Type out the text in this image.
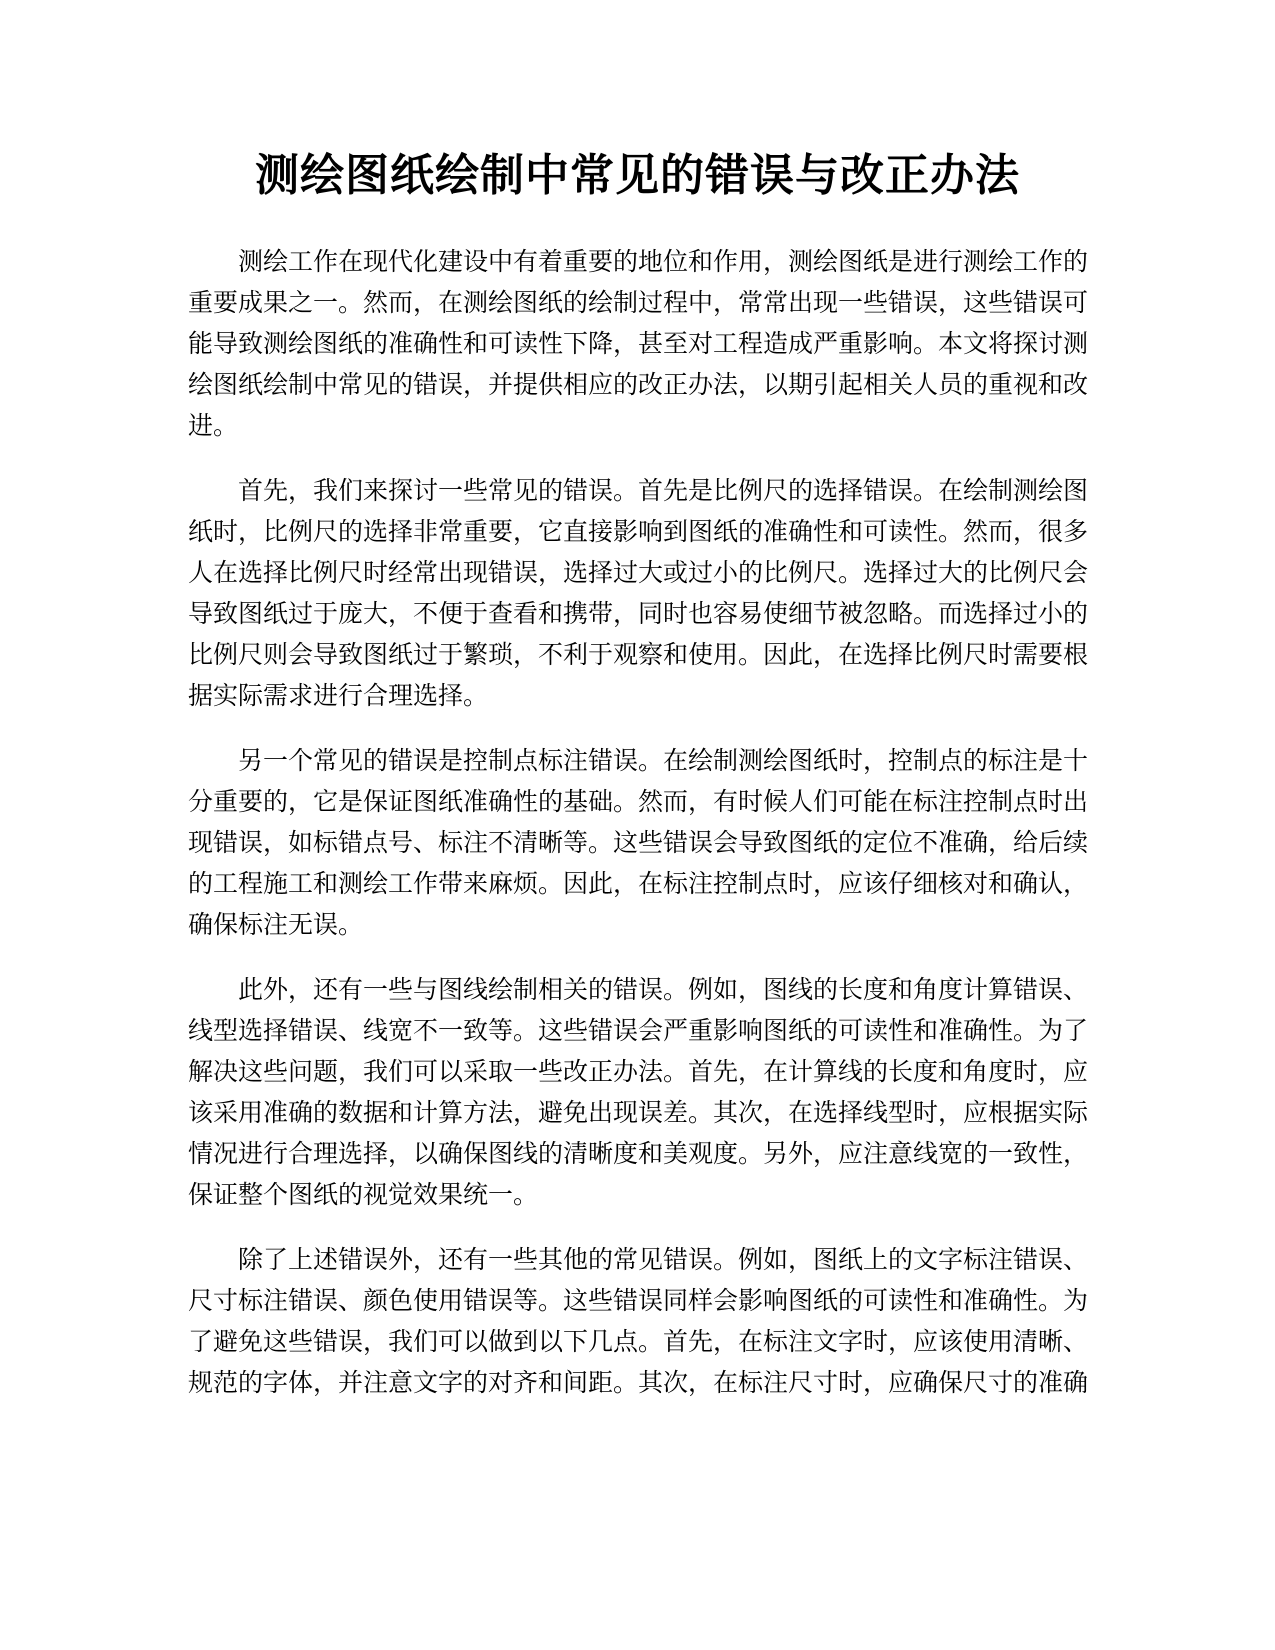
测绘图纸绘制中常见的错误与改正办法

测绘工作在现代化建设中有着重要的地位和作用，测绘图纸是进行测绘工作的重要成果之一。然而，在测绘图纸的绘制过程中，常常出现一些错误，这些错误可能导致测绘图纸的准确性和可读性下降，甚至对工程造成严重影响。本文将探讨测绘图纸绘制中常见的错误，并提供相应的改正办法，以期引起相关人员的重视和改进。

首先，我们来探讨一些常见的错误。首先是比例尺的选择错误。在绘制测绘图纸时，比例尺的选择非常重要，它直接影响到图纸的准确性和可读性。然而，很多人在选择比例尺时经常出现错误，选择过大或过小的比例尺。选择过大的比例尺会导致图纸过于庞大，不便于查看和携带，同时也容易使细节被忽略。而选择过小的比例尺则会导致图纸过于繁琐，不利于观察和使用。因此，在选择比例尺时需要根据实际需求进行合理选择。

另一个常见的错误是控制点标注错误。在绘制测绘图纸时，控制点的标注是十分重要的，它是保证图纸准确性的基础。然而，有时候人们可能在标注控制点时出现错误，如标错点号、标注不清晰等。这些错误会导致图纸的定位不准确，给后续的工程施工和测绘工作带来麻烦。因此，在标注控制点时，应该仔细核对和确认，确保标注无误。

此外，还有一些与图线绘制相关的错误。例如，图线的长度和角度计算错误、线型选择错误、线宽不一致等。这些错误会严重影响图纸的可读性和准确性。为了解决这些问题，我们可以采取一些改正办法。首先，在计算线的长度和角度时，应该采用准确的数据和计算方法，避免出现误差。其次，在选择线型时，应根据实际情况进行合理选择，以确保图线的清晰度和美观度。另外，应注意线宽的一致性，保证整个图纸的视觉效果统一。

除了上述错误外，还有一些其他的常见错误。例如，图纸上的文字标注错误、尺寸标注错误、颜色使用错误等。这些错误同样会影响图纸的可读性和准确性。为了避免这些错误，我们可以做到以下几点。首先，在标注文字时，应该使用清晰、规范的字体，并注意文字的对齐和间距。其次，在标注尺寸时，应确保尺寸的准确
